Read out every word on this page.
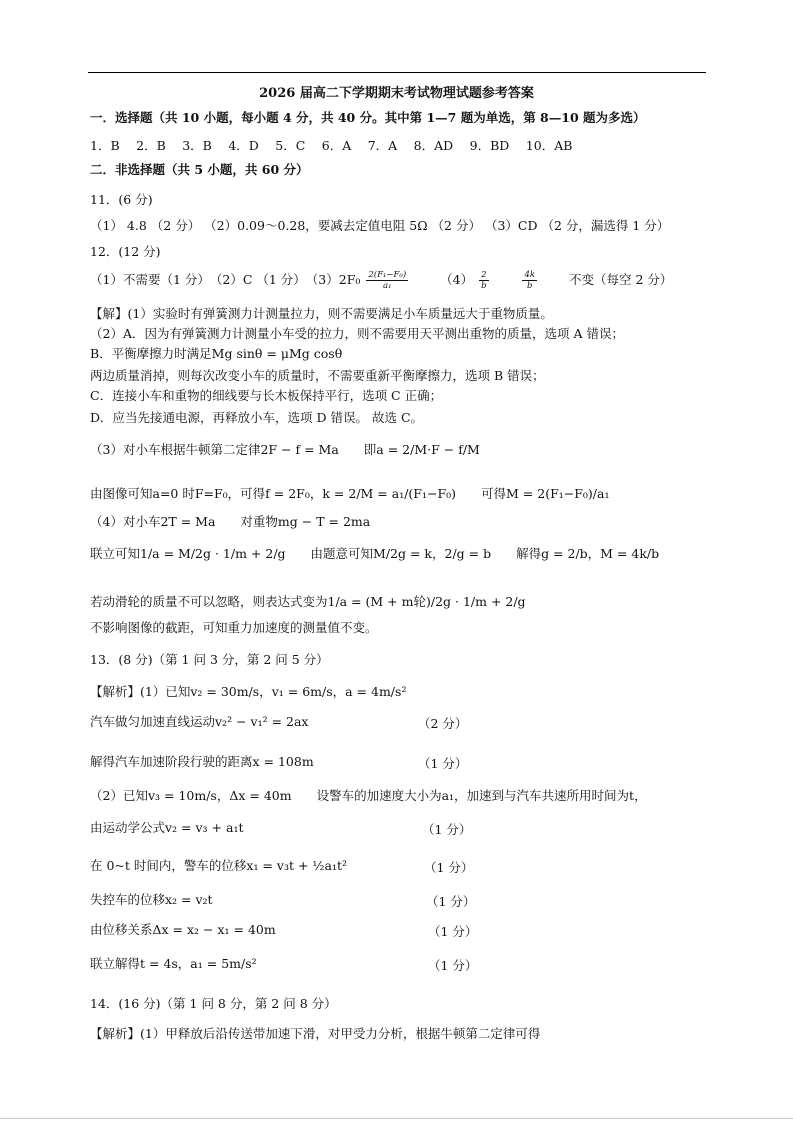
2026 届高二下学期期末考试物理试题参考答案
一．选择题（共 10 小题，每小题 4 分，共 40 分。其中第 1—7 题为单选，第 8—10 题为多选）
1．B　 2．B　 3．B　 4．D　 5．C　 6．A　 7．A　 8．AD　 9．BD　 10．AB
二．非选择题（共 5 小题，共 60 分）
11．(6 分)
（1） 4.8 （2 分） （2）0.09～0.28，要减去定值电阻 5Ω （2 分） （3）CD （2 分，漏选得 1 分）
12．(12 分)
（1）不需要（1 分）　（2）C （1 分）　$(3)2F_0 \frac{\text{2(F₁−F₀)}}{\text{a₁}}$	$(4) \frac{2}{b}$
	$\frac{4k}{b}$	不变（每空 2 分）
【解】(1）实验时有弹簧测力计测量拉力，则不需要满足小车质量远大于重物质量。
（2）A．因为有弹簧测力计测量小车受的拉力，则不需要用天平测出重物的质量，选项 A 错误；
B．平衡摩擦力时满足Mg sinθ = μMg cosθ
两边质量消掉，则每次改变小车的质量时，不需要重新平衡摩擦力，选项 B 错误；
C．连接小车和重物的细线要与长木板保持平行，选项 C 正确；
D．应当先接通电源，再释放小车，选项 D 错误。 故选 C。
（3）对小车根据牛顿第二定律2F − f = Ma　　即a = 2/M·F − f/M
由图像可知a=0 时F=F₀，可得f = 2F₀，k = 2/M = a₁/(F₁−F₀)　　可得M = 2(F₁−F₀)/a₁
（4）对小车2T = Ma　　对重物mg − T = 2ma
联立可知1/a = M/2g · 1/m + 2/g　　由题意可知M/2g = k，2/g = b　　解得g = 2/b，M = 4k/b
若动滑轮的质量不可以忽略，则表达式变为1/a = (M + m轮)/2g · 1/m + 2/g
不影响图像的截距，可知重力加速度的测量值不变。
13．(8 分)（第 1 问 3 分，第 2 问 5 分）
【解析】(1）已知v₂ = 30m/s，v₁ = 6m/s，a = 4m/s²
汽车做匀加速直线运动v₂² − v₁² = 2ax	（2 分）
解得汽车加速阶段行驶的距离x = 108m	（1 分）
（2）已知v₃ = 10m/s，Δx = 40m　　设警车的加速度大小为a₁，加速到与汽车共速所用时间为t，
由运动学公式v₂ = v₃ + a₁t	（1 分）
在 0~t 时间内，警车的位移x₁ = v₃t + ½a₁t²	（1 分）
失控车的位移x₂ = v₂t	（1 分）
由位移关系Δx = x₂ − x₁ = 40m	（1 分）
联立解得t = 4s，a₁ = 5m/s²	（1 分）
14．(16 分)（第 1 问 8 分，第 2 问 8 分）
【解析】(1）甲释放后沿传送带加速下滑，对甲受力分析，根据牛顿第二定律可得
